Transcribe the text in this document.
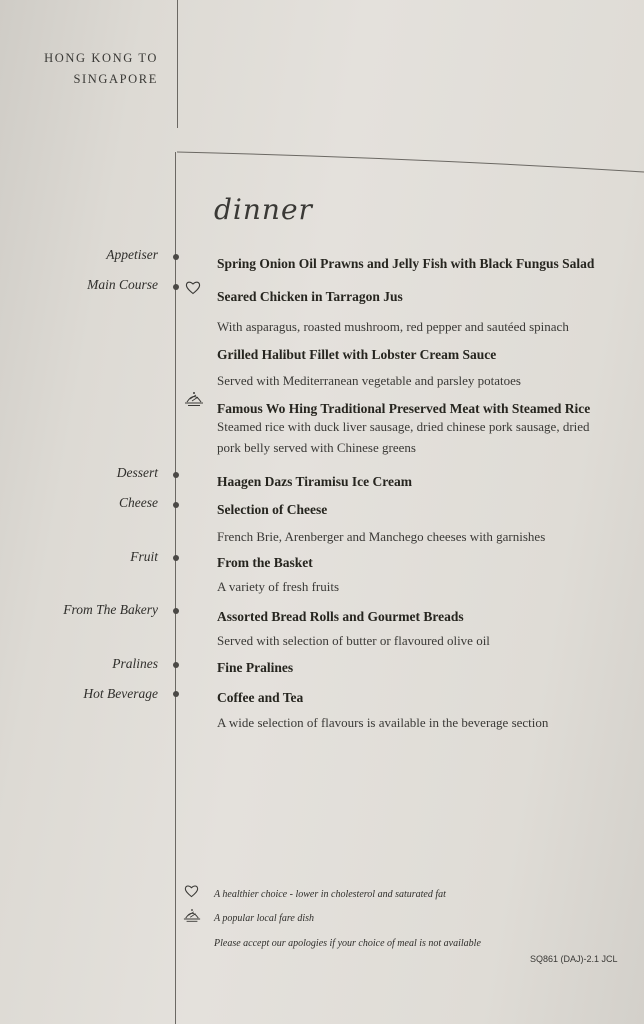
HONG KONG TO
SINGAPORE
dinner
Appetiser
Spring Onion Oil Prawns and Jelly Fish with Black Fungus Salad
Main Course
Seared Chicken in Tarragon Jus
With asparagus, roasted mushroom, red pepper and sautéed spinach
Grilled Halibut Fillet with Lobster Cream Sauce
Served with Mediterranean vegetable and parsley potatoes
Famous Wo Hing Traditional Preserved Meat with Steamed Rice
Steamed rice with duck liver sausage, dried chinese pork sausage, dried
pork belly served with Chinese greens
Dessert
Haagen Dazs Tiramisu Ice Cream
Cheese	Selection of Cheese
French Brie, Arenberger and Manchego cheeses with garnishes
Fruit	From the Basket
A variety of fresh fruits
From The Bakery	Assorted Bread Rolls and Gourmet Breads
Served with selection of butter or flavoured olive oil
Pralines	Fine Pralines
Hot Beverage	Coffee and Tea
A wide selection of flavours is available in the beverage section
A healthier choice - lower in cholesterol and saturated fat
A popular local fare dish
Please accept our apologies if your choice of meal is not available
SQ861 (DAJ)-2.1 JCL
